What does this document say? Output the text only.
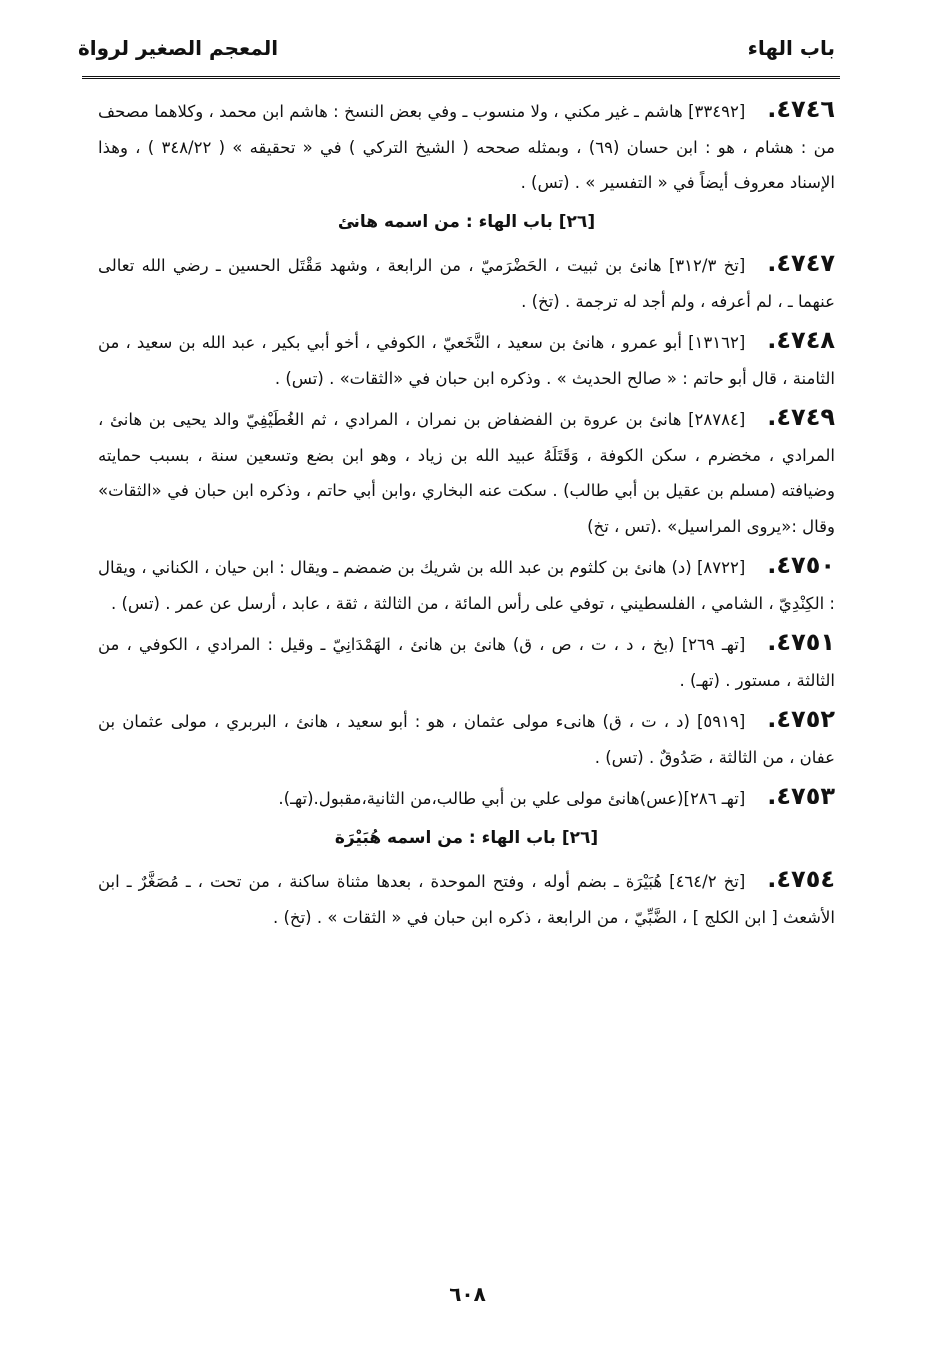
باب الهاء
المعجم الصغير لرواة

٤٧٤٦.[٣٣٤٩٢] هاشم ـ غير مكني ، ولا منسوب ـ وفي بعض النسخ : هاشم ابن محمد ، وكلاهما مصحف من : هشام ، هو : ابن حسان (٦٩) ، وبمثله صححه ( الشيخ التركي ) في « تحقيقه » ( ٣٤٨/٢٢ ) ، وهذا الإسناد معروف أيضاً في « التفسير » . (تس) .

[٢٦] باب الهاء : من اسمه هانئ

٤٧٤٧.[تخ ٣١٢/٣] هانئ بن ثبيت ، الحَضْرَميّ ، من الرابعة ، وشهد مَقْتَل الحسين ـ رضي الله تعالى عنهما ـ ، لم أعرفه ، ولم أجد له ترجمة . (تخ) .

٤٧٤٨.[١٣١٦٢] أبو عمرو ، هانئ بن سعيد ، النَّخَعيّ ، الكوفي ، أخو أبي بكير ، عبد الله بن سعيد ، من الثامنة ، قال أبو حاتم : « صالح الحديث » . وذكره ابن حبان في «الثقات» . (تس) .

٤٧٤٩.[٢٨٧٨٤] هانئ بن عروة بن الفضفاض بن نمران ، المرادي ، ثم الغُطَيْفِيّ والد يحيى بن هانئ ، المرادي ، مخضرم ، سكن الكوفة ، وَقَتَلَهُ عبيد الله بن زياد ، وهو ابن بضع وتسعين سنة ، بسبب حمايته وضيافته (مسلم بن عقيل بن أبي طالب) . سكت عنه البخاري ،وابن أبي حاتم ، وذكره ابن حبان في «الثقات» وقال :«يروى المراسيل» .(تس ، تخ)

٤٧٥٠.[٨٧٢٢] (د) هانئ بن كلثوم بن عبد الله بن شريك بن ضمضم ـ ويقال : ابن حيان ، الكناني ، ويقال : الكِنْدِيّ ، الشامي ، الفلسطيني ، توفي على رأس المائة ، من الثالثة ، ثقة ، عابد ، أرسل عن عمر . (تس) .

٤٧٥١.[تهـ ٢٦٩] (بخ ، د ، ت ، ص ، ق) هانئ بن هانئ ، الهَمْدَانِيّ ـ وقيل : المرادي ، الكوفي ، من الثالثة ، مستور . (تهـ) .

٤٧٥٢.[٥٩١٩] (د ، ت ، ق) هانىء مولى عثمان ، هو : أبو سعيد ، هانئ ، البربري ، مولى عثمان بن عفان ، من الثالثة ، صَدُوقٌ . (تس) .

٤٧٥٣.[تهـ ٢٨٦](عس)هانئ مولى علي بن أبي طالب،من الثانية،مقبول.(تهـ).

[٢٦] باب الهاء : من اسمه هُبَيْرَة

٤٧٥٤.[تخ ٤٦٤/٢] هُبَيْرَة ـ بضم أوله ، وفتح الموحدة ، بعدها مثناة ساكنة ، من تحت ، ـ مُصَغَّرٌ ـ ابن الأشعث [ ابن الكلج ] ، الضَّبِّيّ ، من الرابعة ، ذكره ابن حبان في « الثقات » . (تخ) .

٦٠٨
